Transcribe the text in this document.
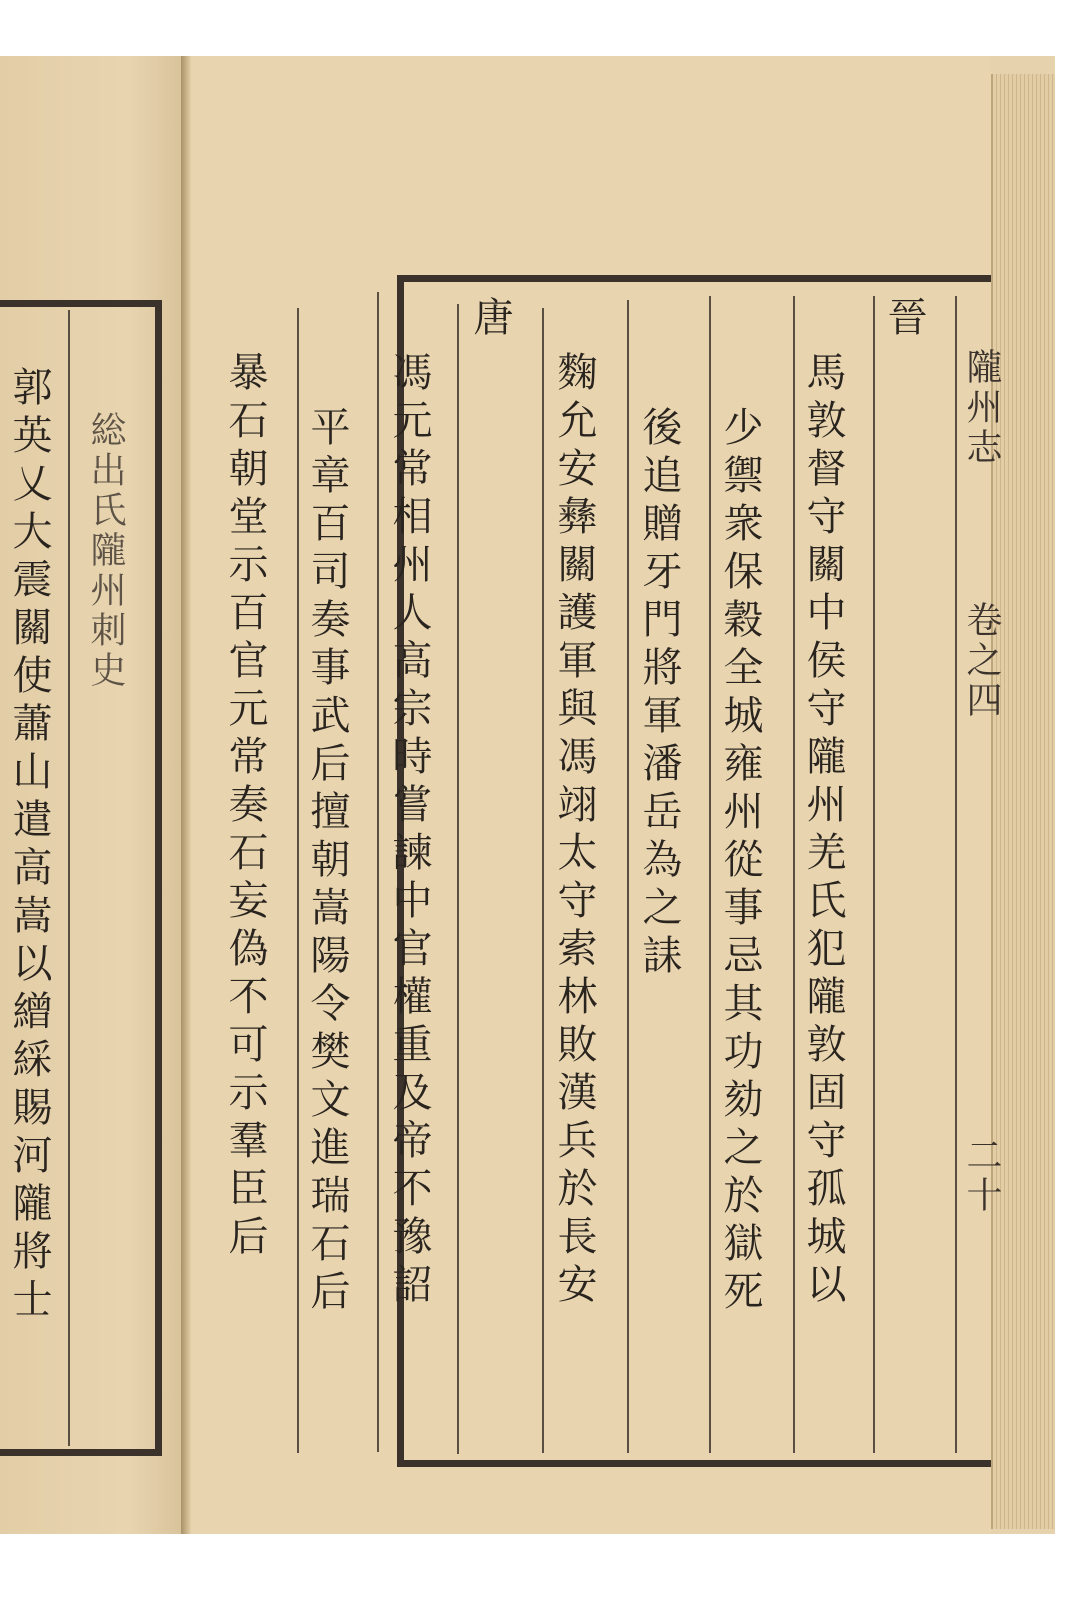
郭英乂大震關使蕭山遣高嵩以繒綵賜河隴將士 総出氏隴州刺史
隴州志
卷之四
二十
晉
馬敦督守關中侯守隴州羌氏犯隴敦固守孤城以
少禦衆保穀全城雍州從事忌其功劾之於獄死
後追贈牙門將軍潘岳為之誄
麴允安彝關護軍與馮翊太守索林敗漢兵於長安
唐
馮元常相州人高宗時嘗諫中官權重及帝不豫詔
平章百司奏事武后擅朝嵩陽令樊文進瑞石后
暴石朝堂示百官元常奏石妄偽不可示羣臣后
